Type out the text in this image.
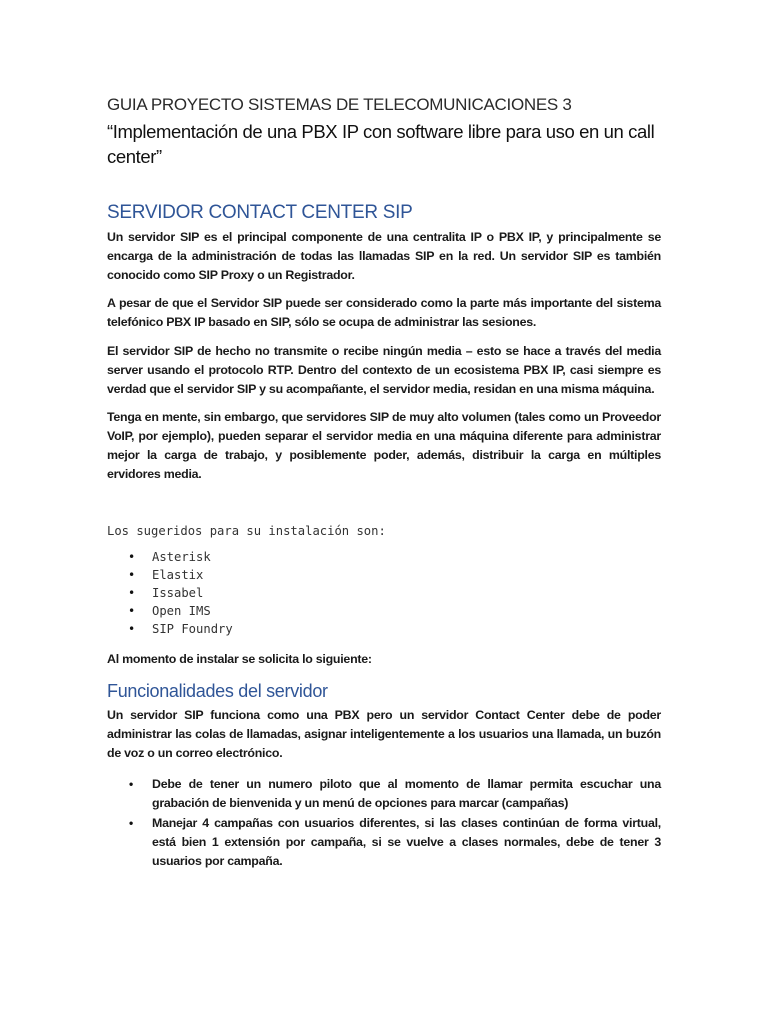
GUIA PROYECTO SISTEMAS DE TELECOMUNICACIONES 3
“Implementación de una PBX IP con software libre para uso en un call center”
SERVIDOR CONTACT CENTER SIP

Un servidor SIP es el principal componente de una centralita IP o PBX IP, y principalmente se encarga de la administración de todas las llamadas SIP en la red. Un servidor SIP es también conocido como SIP Proxy o un Registrador.

A pesar de que el Servidor SIP puede ser considerado como la parte más importante del sistema telefónico PBX IP basado en SIP, sólo se ocupa de administrar las sesiones.

El servidor SIP de hecho no transmite o recibe ningún media – esto se hace a través del media server usando el protocolo RTP. Dentro del contexto de un ecosistema PBX IP, casi siempre es verdad que el servidor SIP y su acompañante, el servidor media, residan en una misma máquina.

Tenga en mente, sin embargo, que servidores SIP de muy alto volumen (tales como un Proveedor VoIP, por ejemplo), pueden separar el servidor media en una máquina diferente para administrar mejor la carga de trabajo, y posiblemente poder, además, distribuir la carga en múltiples ervidores media.

Los sugeridos para su instalación son:

• Asterisk
• Elastix
• Issabel
• Open IMS
• SIP Foundry

Al momento de instalar se solicita lo siguiente:

Funcionalidades del servidor

Un servidor SIP funciona como una PBX pero un servidor Contact Center debe de poder administrar las colas de llamadas, asignar inteligentemente a los usuarios una llamada, un buzón de voz o un correo electrónico.

• Debe de tener un numero piloto que al momento de llamar permita escuchar una grabación de bienvenida y un menú de opciones para marcar (campañas)
• Manejar 4 campañas con usuarios diferentes, si las clases continúan de forma virtual, está bien 1 extensión por campaña, si se vuelve a clases normales, debe de tener 3 usuarios por campaña.
